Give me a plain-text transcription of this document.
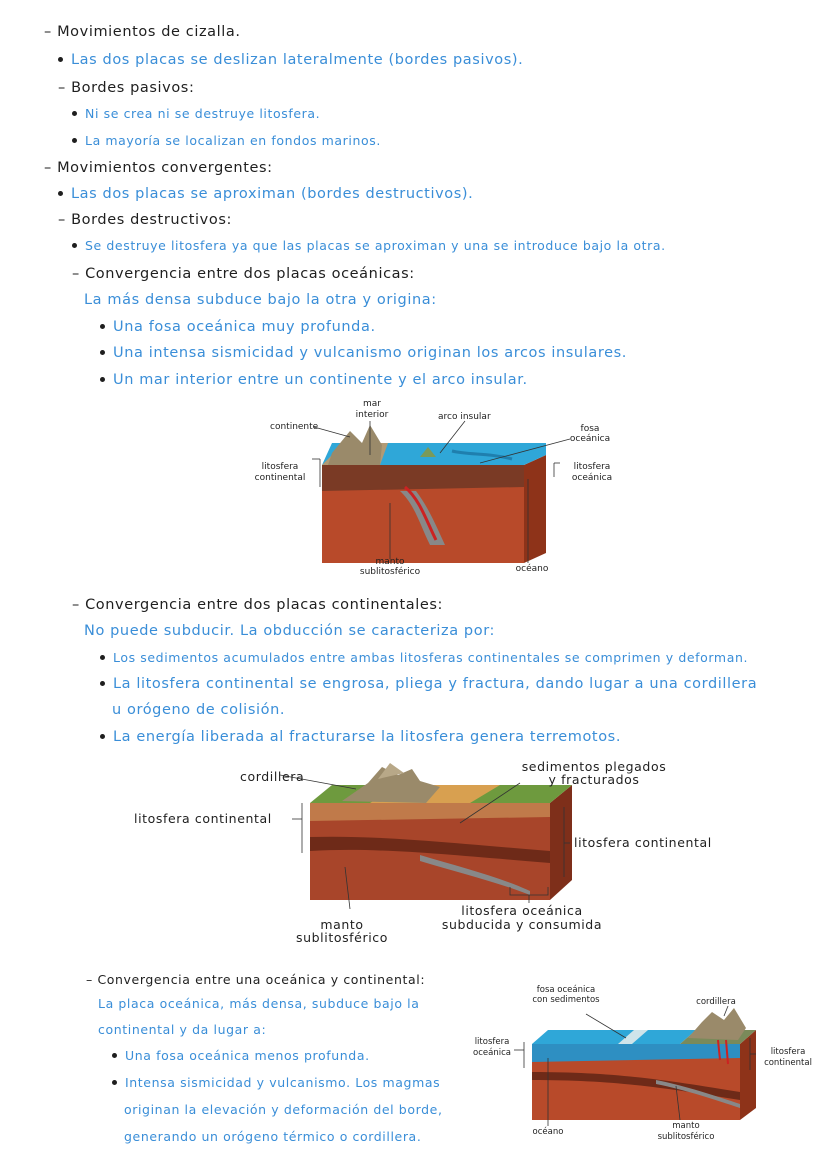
– Movimientos de cizalla.
Las dos placas se deslizan lateralmente (bordes pasivos).
– Bordes pasivos:
Ni se crea ni se destruye litosfera.
La mayoría se localizan en fondos marinos.
– Movimientos convergentes:
Las dos placas se aproximan (bordes destructivos).
– Bordes destructivos:
Se destruye litosfera ya que las placas se aproximan y una se introduce bajo la otra.
– Convergencia entre dos placas oceánicas:
La más densa subduce bajo la otra y origina:
Una fosa oceánica muy profunda.
Una intensa sismicidad y vulcanismo originan los arcos insulares.
Un mar interior entre un continente y el arco insular.
mar
interior
continente
arco insular
fosa
oceánica
litosfera
continental
litosfera
oceánica
manto
sublitosférico	océano
– Convergencia entre dos placas continentales:
No puede subducir. La obducción se caracteriza por:
Los sedimentos acumulados entre ambas litosferas continentales se comprimen y deforman.
La litosfera continental se engrosa, pliega y fractura, dando lugar a una cordillera
u orógeno de colisión.
La energía liberada al fracturarse la litosfera genera terremotos.
cordillera
sedimentos plegados
y fracturados
litosfera continental
litosfera continental
manto
sublitosférico
litosfera oceánica
subducida y consumida
– Convergencia entre una oceánica y continental:
La placa oceánica, más densa, subduce bajo la
continental y da lugar a:
Una fosa oceánica menos profunda.
Intensa sismicidad y vulcanismo. Los magmas
originan la elevación y deformación del borde,
generando un orógeno térmico o cordillera.
fosa oceánica
con sedimentos	cordillera
litosfera
oceánica	litosfera
continental
océano
manto
sublitosférico
